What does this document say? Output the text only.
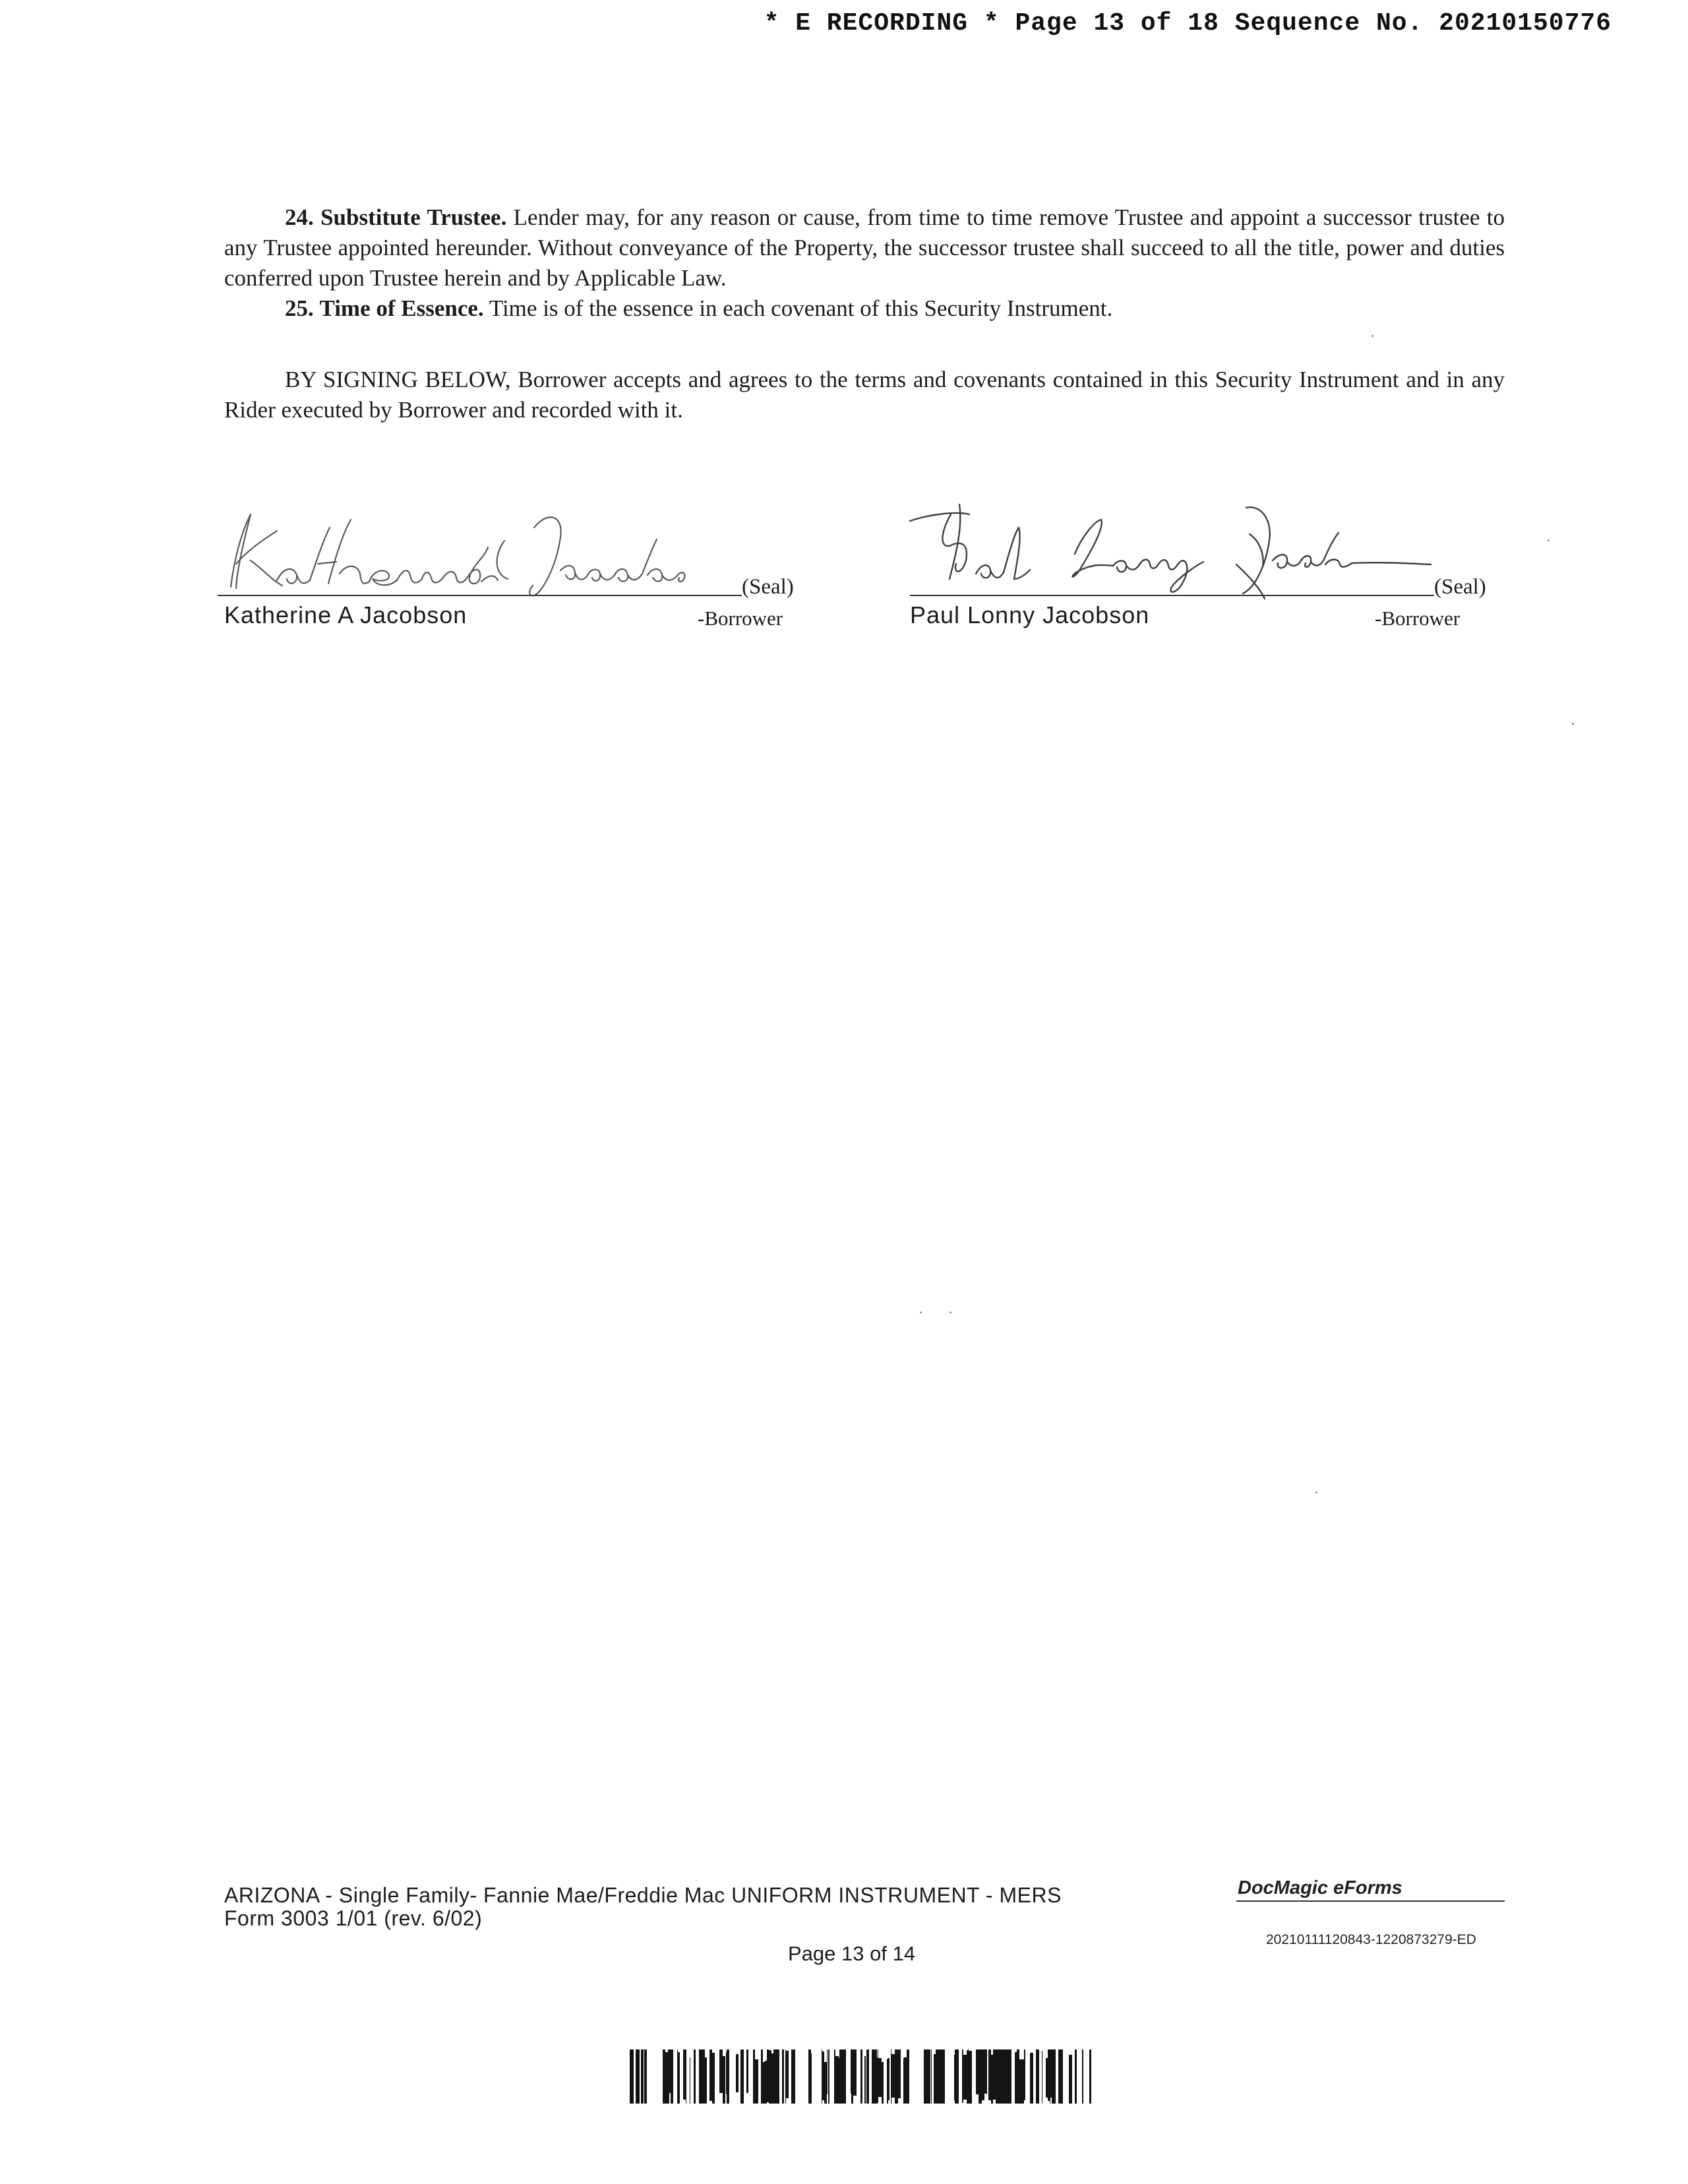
* E RECORDING * Page 13 of 18 Sequence No. 20210150776

24. Substitute Trustee. Lender may, for any reason or cause, from time to time remove Trustee and appoint a successor trustee to any Trustee appointed hereunder. Without conveyance of the Property, the successor trustee shall succeed to all the title, power and duties conferred upon Trustee herein and by Applicable Law.

25. Time of Essence. Time is of the essence in each covenant of this Security Instrument.

BY SIGNING BELOW, Borrower accepts and agrees to the terms and covenants contained in this Security Instrument and in any Rider executed by Borrower and recorded with it.

(Seal)
Katherine A Jacobson	-Borrower
(Seal)
Paul Lonny Jacobson	-Borrower
ARIZONA - Single Family- Fannie Mae/Freddie Mac UNIFORM INSTRUMENT - MERS
Form 3003 1/01 (rev. 6/02)
DocMagic eForms
20210111120843-1220873279-ED
Page 13 of 14
